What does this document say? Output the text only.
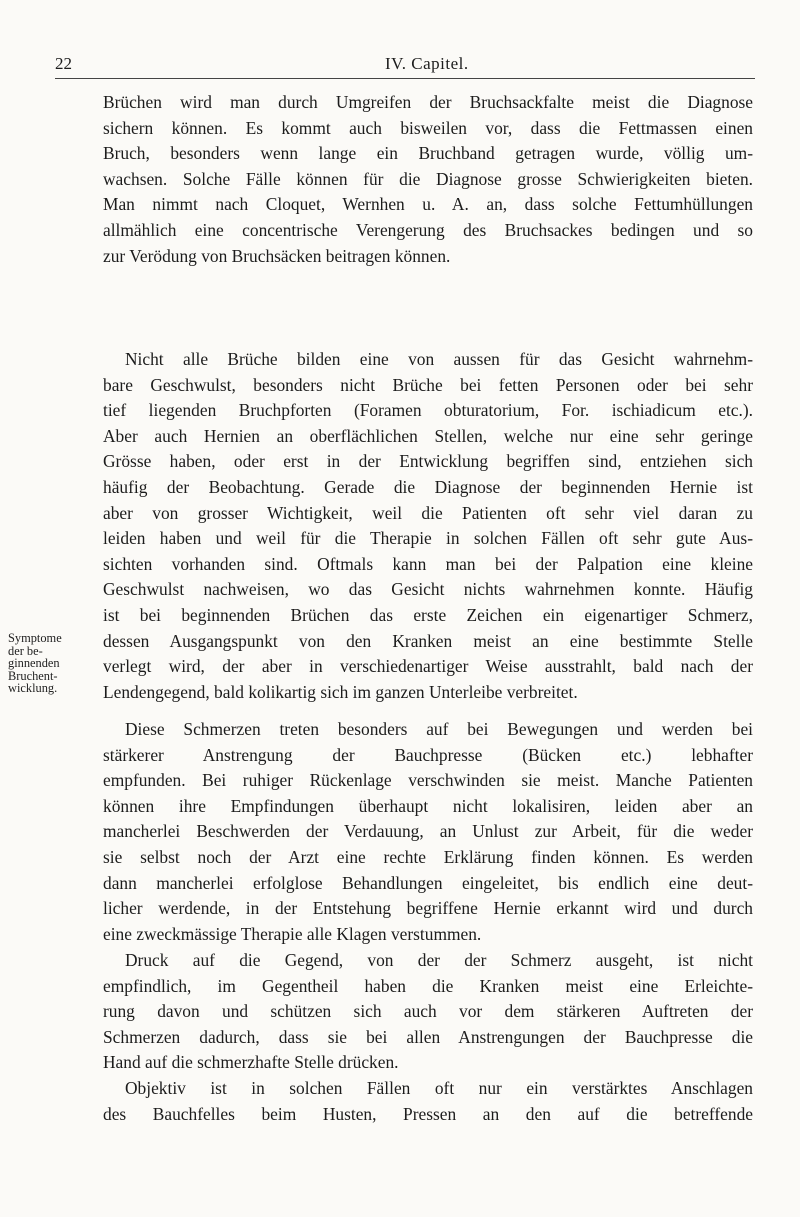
22	IV. Capitel.
Symptome
der be-
ginnenden
Bruchent-
wicklung.
Brüchen wird man durch Umgreifen der Bruchsackfalte meist die Diagnose
sichern können. Es kommt auch bisweilen vor, dass die Fettmassen einen
Bruch, besonders wenn lange ein Bruchband getragen wurde, völlig um-
wachsen. Solche Fälle können für die Diagnose grosse Schwierigkeiten bieten.
Man nimmt nach Cloquet, Wernhen u. A. an, dass solche Fettumhüllungen
allmählich eine concentrische Verengerung des Bruchsackes bedingen und so
zur Verödung von Bruchsäcken beitragen können.
Nicht alle Brüche bilden eine von aussen für das Gesicht wahrnehm-
bare Geschwulst, besonders nicht Brüche bei fetten Personen oder bei sehr
tief liegenden Bruchpforten (Foramen obturatorium, For. ischiadicum etc.).
Aber auch Hernien an oberflächlichen Stellen, welche nur eine sehr geringe
Grösse haben, oder erst in der Entwicklung begriffen sind, entziehen sich
häufig der Beobachtung. Gerade die Diagnose der beginnenden Hernie ist
aber von grosser Wichtigkeit, weil die Patienten oft sehr viel daran zu
leiden haben und weil für die Therapie in solchen Fällen oft sehr gute Aus-
sichten vorhanden sind. Oftmals kann man bei der Palpation eine kleine
Geschwulst nachweisen, wo das Gesicht nichts wahrnehmen konnte. Häufig
ist bei beginnenden Brüchen das erste Zeichen ein eigenartiger Schmerz,
dessen Ausgangspunkt von den Kranken meist an eine bestimmte Stelle
verlegt wird, der aber in verschiedenartiger Weise ausstrahlt, bald nach der
Lendengegend, bald kolikartig sich im ganzen Unterleibe verbreitet.
Diese Schmerzen treten besonders auf bei Bewegungen und werden bei
stärkerer Anstrengung der Bauchpresse (Bücken etc.) lebhafter
empfunden. Bei ruhiger Rückenlage verschwinden sie meist. Manche Patienten
können ihre Empfindungen überhaupt nicht lokalisiren, leiden aber an
mancherlei Beschwerden der Verdauung, an Unlust zur Arbeit, für die weder
sie selbst noch der Arzt eine rechte Erklärung finden können. Es werden
dann mancherlei erfolglose Behandlungen eingeleitet, bis endlich eine deut-
licher werdende, in der Entstehung begriffene Hernie erkannt wird und durch
eine zweckmässige Therapie alle Klagen verstummen.
Druck auf die Gegend, von der der Schmerz ausgeht, ist nicht
empfindlich, im Gegentheil haben die Kranken meist eine Erleichte-
rung davon und schützen sich auch vor dem stärkeren Auftreten der
Schmerzen dadurch, dass sie bei allen Anstrengungen der Bauchpresse die
Hand auf die schmerzhafte Stelle drücken.
Objektiv ist in solchen Fällen oft nur ein verstärktes Anschlagen
des Bauchfelles beim Husten, Pressen an den auf die betreffende
